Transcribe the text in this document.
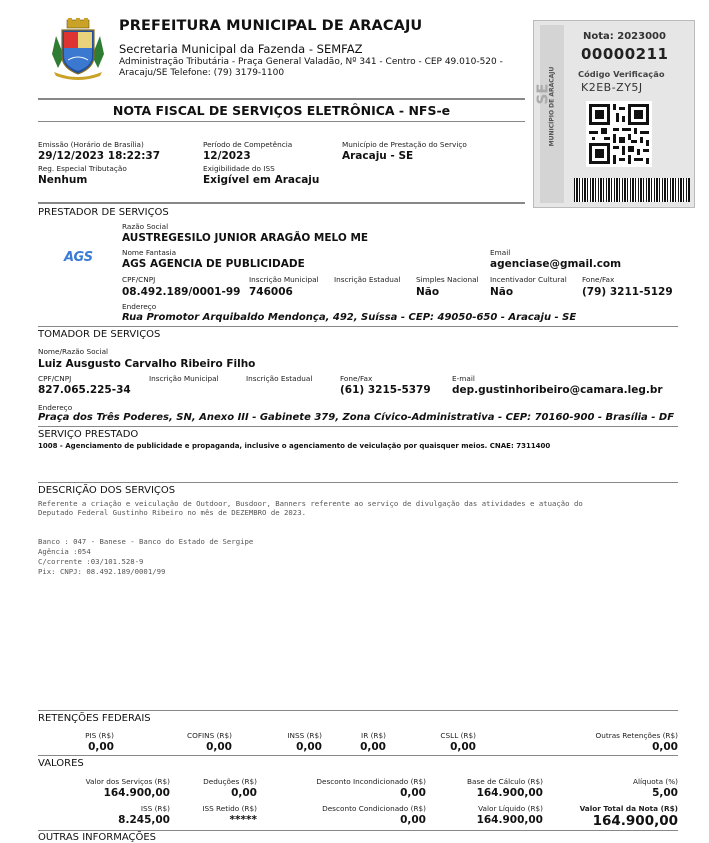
PREFEITURA MUNICIPAL DE ARACAJU
Secretaria Municipal da Fazenda - SEMFAZ
Administração Tributária - Praça General Valadão, Nº 341 - Centro - CEP 49.010-520 - Aracaju/SE Telefone: (79) 3179-1100
SE
MUNICÍPIO DE ARACAJU
Nota: 2023000
00000211
Código Verificação
K2EB-ZY5J
NOTA FISCAL DE SERVIÇOS ELETRÔNICA - NFS-e
Emissão (Horário de Brasília)
29/12/2023 18:22:37
Período de Competência
12/2023
Município de Prestação do Serviço
Aracaju - SE
Reg. Especial Tributação
Nenhum
Exigibilidade do ISS
Exigível em Aracaju
PRESTADOR DE SERVIÇOS
AGS
Razão Social
AUSTREGESILO JUNIOR ARAGÃO MELO ME
Nome Fantasia
AGS AGENCIA DE PUBLICIDADE
Email
agenciase@gmail.com
CPF/CNPJ
08.492.189/0001-99
Inscrição Municipal
746006
Inscrição Estadual Simples Nacional
Não
Incentivador Cultural
Não
Fone/Fax
(79) 3211-5129
Endereço
Rua Promotor Arquibaldo Mendonça, 492, Suíssa - CEP: 49050-650 - Aracaju - SE
TOMADOR DE SERVIÇOS
Nome/Razão Social
Luiz Ausgusto Carvalho Ribeiro Filho
CPF/CNPJ
827.065.225-34
Inscrição Municipal	Inscrição Estadual	Fone/Fax
(61) 3215-5379
E-mail
dep.gustinhoribeiro@camara.leg.br
Endereço
Praça dos Três Poderes, SN, Anexo III - Gabinete 379, Zona Cívico-Administrativa - CEP: 70160-900 - Brasília - DF
SERVIÇO PRESTADO
1008 - Agenciamento de publicidade e propaganda, inclusive o agenciamento de veiculação por quaisquer meios. CNAE: 7311400
DESCRIÇÃO DOS SERVIÇOS
Referente a criação e veiculação de Outdoor, Busdoor, Banners referente ao serviço de divulgação das atividades e atuação do
Deputado Federal Gustinho Ribeiro no mês de DEZEMBRO de 2023.
Banco : 047 - Banese - Banco do Estado de Sergipe
Agência :054
C/corrente :03/101.528-9
Pix: CNPJ: 08.492.189/0001/99
RETENÇÕES FEDERAIS
PIS (R$)
0,00
COFINS (R$)
0,00
INSS (R$)
0,00
IR (R$)
0,00
CSLL (R$)
0,00
Outras Retenções (R$)
0,00
VALORES
Valor dos Serviços (R$)
164.900,00
Deduções (R$)
0,00
Desconto Incondicionado (R$)
0,00
Base de Cálculo (R$)
164.900,00
Alíquota (%)
5,00
ISS (R$)
8.245,00
ISS Retido (R$)
*****
Desconto Condicionado (R$)
0,00
Valor Líquido (R$)
164.900,00
Valor Total da Nota (R$)
164.900,00
OUTRAS INFORMAÇÕES
